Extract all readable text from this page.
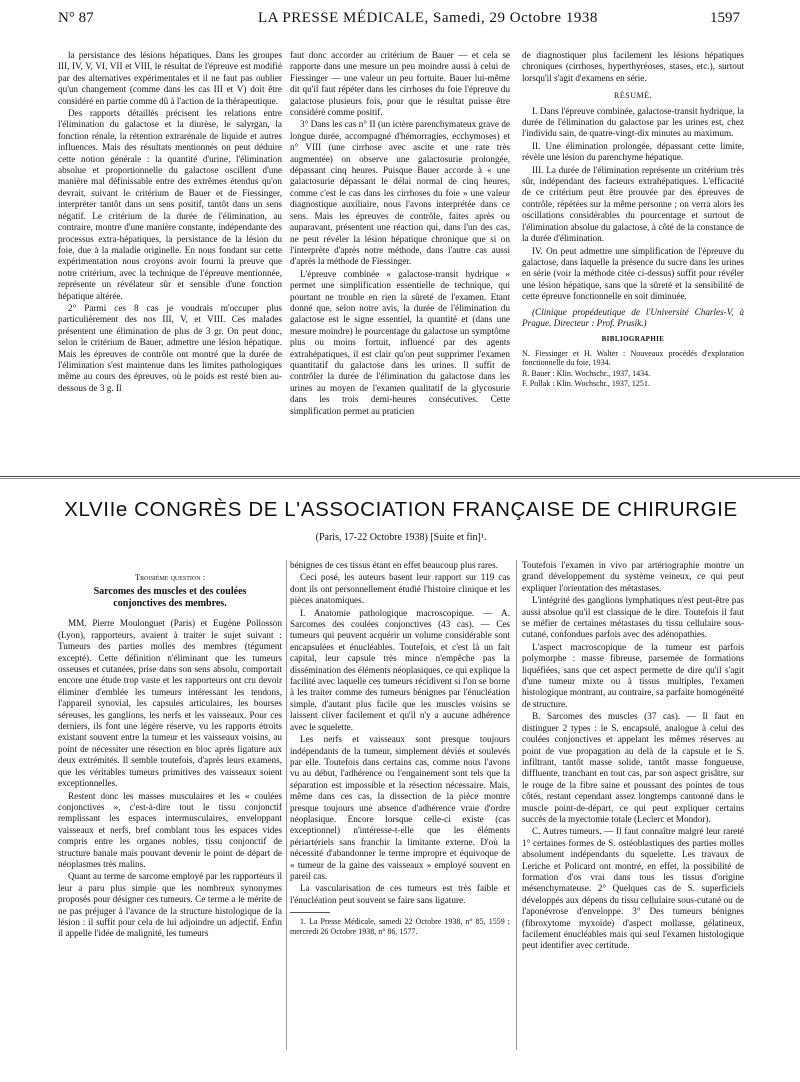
N° 87	LA PRESSE MÉDICALE, Samedi, 29 Octobre 1938	1597

la persistance des lésions hépatiques. Dans les groupes III, IV, V, VI, VII et VIII, le résultat de l'épreuve est modifié par des alternatives expérimentales et il ne faut pas oublier qu'un changement (comme dans les cas III et V) doit être considéré en partie comme dû à l'action de la thérapeutique.

Des rapports détaillés précisent les relations entre l'élimination du galactose et la diurèse, le salyrgan, la fonction rénale, la rétention extrarénale de liquide et autres influences. Mais des résultats mentionnés on peut déduire cette notion générale : la quantité d'urine, l'élimination absolue et proportionnelle du galactose oscillent d'une manière mal définissable entre des extrêmes étendus qu'on devrait, suivant le critérium de Bauer et de Fiessinger, interpréter tantôt dans un sens positif, tantôt dans un sens négatif. Le critérium de la durée de l'élimination, au contraire, montre d'une manière constante, indépendante des processus extra-hépatiques, la persistance de la lésion du foie, due à la maladie originelle. En nous fondant sur cette expérimentation nous croyons avoir fourni la preuve que notre critérium, avec la technique de l'épreuve mentionnée, représente un révélateur sûr et sensible d'une fonction hépatique altérée.

2° Parmi ces 8 cas je voudrais m'occuper plus particulièrement des nos III, V, et VIII. Ces malades présentent une élimination de plus de 3 gr. On peut donc, selon le critérium de Bauer, admettre une lésion hépatique. Mais les épreuves de contrôle ont montré que la durée de l'élimination s'est maintenue dans les limites pathologiques même au cours des épreuves, où le poids est resté bien au-dessous de 3 g. Il

faut donc accorder au critérium de Bauer — et cela se rapporte dans une mesure un peu moindre aussi à celui de Fiessinger — une valeur un peu fortuite. Bauer lui-même dit qu'il faut répéter dans les cirrhoses du foie l'épreuve du galactose plusieurs fois, pour que le résultat puisse être considéré comme positif.

3° Dans les cas n° II (un ictère parenchymateux grave de longue durée, accompagné d'hémorragies, ecchymoses) et n° VIII (une cirrhose avec ascite et une rate très augmentée) on observe une galactosurie prolongée, dépassant cinq heures. Puisque Bauer accorde à « une galactosurie dépassant le délai normal de cinq heures, comme c'est le cas dans les cirrhoses du foie » une valeur diagnostique auxiliaire, nous l'avons interprétée dans ce sens. Mais les épreuves de contrôle, faites après ou auparavant, présentent une réaction qui, dans l'un des cas, ne peut révéler la lésion hépatique chronique que si on l'interprète d'après notre méthode, dans l'autre cas aussi d'après la méthode de Fiessinger.

L'épreuve combinée « galactose-transit hydrique » permet une simplification essentielle de technique, qui pourtant ne trouble en rien la sûreté de l'examen. Etant donné que, selon notre avis, la durée de l'élimination du galactose est le signe essentiel, la quantité et (dans une mesure moindre) le pourcentage du galactose un symptôme plus ou moins fortuit, influencé par des agents extrahépatiques, il est clair qu'on peut supprimer l'examen quantitatif du galactose dans les urines. Il suffit de contrôler la durée de l'élimination du galactose dans les urines au moyen de l'examen qualitatif de la glycosurie dans les trois demi-heures consécutives. Cette simplification permet au praticien

de diagnostiquer plus facilement les lésions hépatiques chroniques (cirrhoses, hyperthyréoses, stases, etc.), surtout lorsqu'il s'agit d'examens en série.

RÉSUMÉ.

I. Dans l'épreuve combinée, galactose-transit hydrique, la durée de l'élimination du galactose par les urines est, chez l'individu sain, de quatre-vingt-dix minutes au maximum.

II. Une élimination prolongée, dépassant cette limite, révèle une lésion du parenchyme hépatique.

III. La durée de l'élimination représente un critérium très sûr, indépendant des facteurs extrahépatiques. L'efficacité de ce critérium peut être prouvée par des épreuves de contrôle, répétées sur la même personne ; on verra alors les oscillations considérables du pourcentage et surtout de l'élimination absolue du galactose, à côté de la constance de la durée d'élimination.

IV. On peut admettre une simplification de l'épreuve du galactose, dans laquelle la présence du sucre dans les urines en série (voir la méthode citée ci-dessus) suffit pour révéler une lésion hépatique, sans que la sûreté et la sensibilité de cette épreuve fonctionnelle en soit diminuée.

(Clinique propédeutique de l'Université Charles-V, à Prague. Directeur : Prof. Prusik.)

BIBLIOGRAPHIE

N. Fiessinger et H. Walter : Nouveaux procédés d'exploration fonctionnelle du foie, 1934.

R. Bauer : Klin. Wochschr., 1937, 1434.

F. Pollak : Klin. Wochschr., 1937, 1251.

XLVIIe CONGRÈS DE L'ASSOCIATION FRANÇAISE DE CHIRURGIE
(Paris, 17-22 Octobre 1938) [Suite et fin]¹.

Troisième question :

Sarcomes des muscles et des coulées conjonctives des membres.

MM. Pierre Moulonguet (Paris) et Eugène Pollosson (Lyon), rapporteurs, avaient à traiter le sujet suivant : Tumeurs des parties molles des membres (tégument excepté). Cette définition n'éliminant que les tumeurs osseuses et cutanées, prise dans son sens absolu, comportait encore une étude trop vaste et les rapporteurs ont cru devoir éliminer d'emblée les tumeurs intéressant les tendons, l'appareil synovial, les capsules articulaires, les bourses séreuses, les ganglions, les nerfs et les vaisseaux. Pour ces derniers, ils font une légère réserve, vu les rapports étroits existant souvent entre la tumeur et les vaisseaux voisins, au point de nécessiter une résection en bloc après ligature aux deux extrémités. Il semble toutefois, d'après leurs examens, que les véritables tumeurs primitives des vaisseaux soient exceptionnelles.

Restent donc les masses musculaires et les « coulées conjonctives », c'est-à-dire tout le tissu conjonctif remplissant les espaces intermusculaires, enveloppant vaisseaux et nerfs, bref comblant tous les espaces vides compris entre les organes nobles, tissu conjonctif de structure banale mais pouvant devenir le point de départ de néoplasmes très malins.

Quant au terme de sarcome employé par les rapporteurs il leur a paru plus simple que les nombreux synonymes proposés pour désigner ces tumeurs. Ce terme a le mérite de ne pas préjuger à l'avance de la structure histologique de la lésion : il suffit pour cela de lui adjoindre un adjectif. Enfin il appelle l'idée de malignité, les tumeurs

bénignes de ces tissus étant en effet beaucoup plus rares.

Ceci posé, les auteurs basent leur rapport sur 119 cas dont ils ont personnellement étudié l'histoire clinique et les pièces anatomiques.

I. Anatomie pathologique macroscopique. — A. Sarcomes des coulées conjonctives (43 cas). — Ces tumeurs qui peuvent acquérir un volume considérable sont encapsulées et énucléables. Toutefois, et c'est là un fait capital, leur capsule très mince n'empêche pas la dissémination des éléments néoplasiques, ce qui explique la facilité avec laquelle ces tumeurs récidivent si l'on se borne à les traiter comme des tumeurs bénignes par l'énucléation simple, d'autant plus facile que les muscles voisins se laissent cliver facilement et qu'il n'y a aucune adhérence avec le squelette.

Les nerfs et vaisseaux sont presque toujours indépendants de la tumeur, simplement déviés et soulevés par elle. Toutefois dans certains cas, comme nous l'avons vu au début, l'adhérence ou l'engainement sont tels que la séparation est impossible et la résection nécessaire. Mais, même dans ces cas, la dissection de la pièce montre presque toujours une absence d'adhérence vraie d'ordre néoplasique. Encore lorsque celle-ci existe (cas exceptionnel) n'intéresse-t-elle que les éléments périartériels sans franchir la limitante externe. D'où la nécessité d'abandonner le terme impropre et équivoque de « tumeur de la gaine des vaisseaux » employé souvent en pareil cas.

La vascularisation de ces tumeurs est très faible et l'énucléation peut souvent se faire sans ligature.

1. La Presse Médicale, samedi 22 Octobre 1938, n° 85, 1559 ; mercredi 26 Octobre 1938, n° 86, 1577.

Toutefois l'examen in vivo par artériographie montre un grand développement du système veineux, ce qui peut expliquer l'orientation des métastases.

L'intégrité des ganglions lymphatiques n'est peut-être pas aussi absolue qu'il est classique de le dire. Toutefois il faut se méfier de certaines métastases du tissu cellulaire sous-cutané, confondues parfois avec des adénopathies.

L'aspect macroscopique de la tumeur est parfois polymorphe : masse fibreuse, parsemée de formations liquéfiées, sans que cet aspect permette de dire qu'il s'agit d'une tumeur mixte ou à tissus multiples, l'examen histologique montrant, au contraire, sa parfaite homogénéité de structure.

B. Sarcomes des muscles (37 cas). — Il faut en distinguer 2 types : le S. encapsulé, analogue à celui des coulées conjonctives et appelant les mêmes réserves au point de vue propagation au delà de la capsule et le S. infiltrant, tantôt masse solide, tantôt masse fongueuse, diffluente, tranchant en tout cas, par son aspect grisâtre, sur le rouge de la fibre saine et poussant des pointes de tous côtés, restant cependant assez longtemps cantonné dans le muscle point-de-départ, ce qui peut expliquer certains succès de la myectomie totale (Leclerc et Mondor).

C. Autres tumeurs. — Il faut connaître malgré leur rareté 1° certaines formes de S. ostéoblastiques des parties molles absolument indépendants du squelette. Les travaux de Leriche et Policard ont montré, en effet, la possibilité de formation d'os vrai dans tous les tissus d'origine mésenchymateuse. 2° Quelques cas de S. superficiels développés aux dépens du tissu cellulaire sous-cutané ou de l'aponévrose d'enveloppe. 3° Des tumeurs bénignes (fibroxytome myxoïde) d'aspect mollasse, gélatineux, facilement énucléables mais qui seul l'examen histologique peut identifier avec certitude.
